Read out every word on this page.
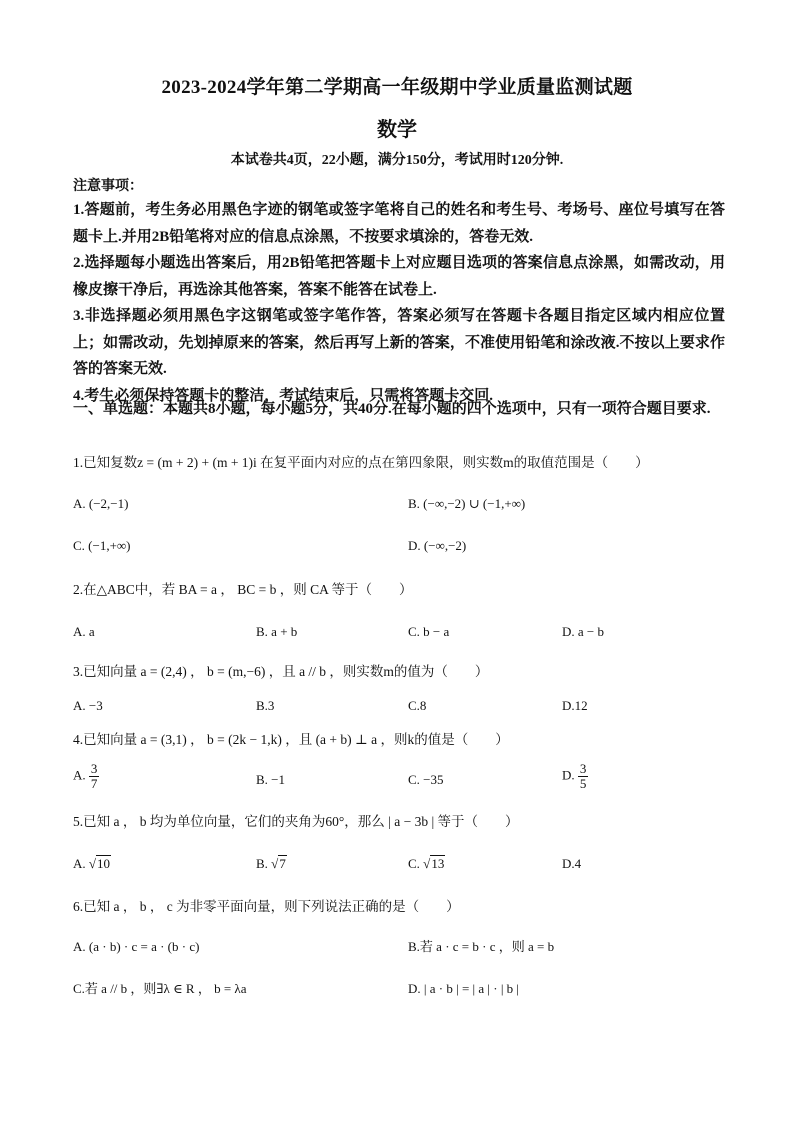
2023-2024学年第二学期高一年级期中学业质量监测试题
数学
本试卷共4页，22小题，满分150分，考试用时120分钟.
注意事项：

1.答题前，考生务必用黑色字迹的钢笔或签字笔将自己的姓名和考生号、考场号、座位号填写在答题卡上.并用2B铅笔将对应的信息点涂黑，不按要求填涂的，答卷无效.

2.选择题每小题选出答案后，用2B铅笔把答题卡上对应题目选项的答案信息点涂黑，如需改动，用橡皮擦干净后，再选涂其他答案，答案不能答在试卷上.

3.非选择题必须用黑色字这钢笔或签字笔作答，答案必须写在答题卡各题目指定区域内相应位置上；如需改动，先划掉原来的答案，然后再写上新的答案，不准使用铅笔和涂改液.不按以上要求作答的答案无效.

4.考生必须保持答题卡的整洁，考试结束后，只需将答题卡交回.

一、单选题：本题共8小题，每小题5分，共40分.在每小题的四个选项中，只有一项符合题目要求.
1.已知复数z = (m + 2) + (m + 1)i 在复平面内对应的点在第四象限，则实数m的取值范围是（　　）
A. (−2,−1)	B. (−∞,−2) ∪ (−1,+∞)
C. (−1,+∞)	D. (−∞,−2)
2.在△ABC中，若 BA = a ， BC = b ，则 CA 等于（　　）
A. a	B. a + b	C. b − a	D. a − b
3.已知向量 a = (2,4) ， b = (m,−6) ，且 a // b ，则实数m的值为（　　）
A. −3	B.3	C.8	D.12
4.已知向量 a = (3,1) ， b = (2k − 1,k) ，且 (a + b) ⊥ a ，则k的值是（　　）
A. $\frac{3}{7}$	B. −1	C. −35	D. $\frac{3}{5}$
5.已知 a ， b 均为单位向量，它们的夹角为60°，那么 | a − 3b | 等于（　　）
A. √10	B. √7	C. √13	D.4
6.已知 a ， b ， c 为非零平面向量，则下列说法正确的是（　　）
A. (a · b) · c = a · (b · c)	B.若 a · c = b · c ，则 a = b
C.若 a // b ，则∃λ ∈ R ， b = λa	D. | a · b | = | a | · | b |
